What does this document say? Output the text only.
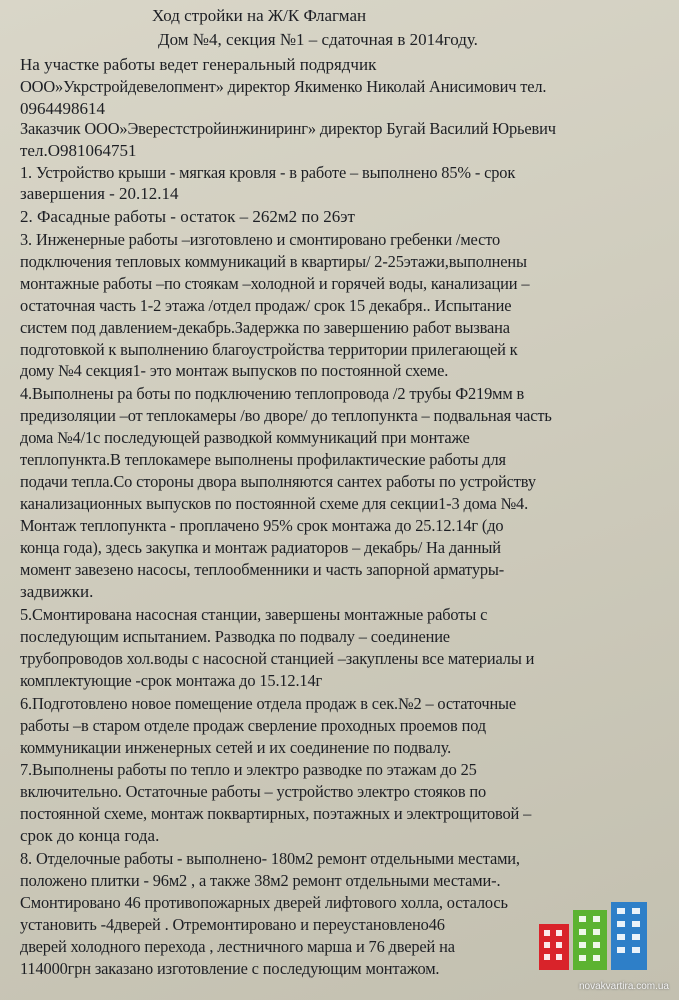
Ход стройки на Ж/К Флагман
Дом №4, секция №1 – сдаточная в 2014году.
На участке работы ведет генеральный подрядчик
ООО»Укрстройдевелопмент» директор Якименко Николай Анисимович тел.
0964498614
Заказчик ООО»Эверестстройинжиниринг» директор Бугай Василий Юрьевич
тел.О981064751
1. Устройство крыши - мягкая кровля - в работе – выполнено 85% - срок
завершения - 20.12.14
2. Фасадные работы - остаток – 262м2 по 26эт
3. Инженерные работы –изготовлено и смонтировано гребенки /место
подключения тепловых коммуникаций в квартиры/ 2-25этажи,выполнены
монтажные работы –по стоякам –холодной и горячей воды, канализации –
остаточная часть 1-2 этажа /отдел продаж/ срок 15 декабря.. Испытание
систем под давлением-декабрь.Задержка по завершению работ вызвана
подготовкой к выполнению благоустройства территории прилегающей к
дому №4 секция1- это монтаж выпусков по постоянной схеме.
4.Выполнены ра боты по подключению теплопровода /2 трубы Ф219мм в
предизоляции –от теплокамеры /во дворе/ до теплопункта – подвальная часть
дома №4/1с последующей разводкой коммуникаций при монтаже
теплопункта.В теплокамере выполнены профилактические работы для
подачи тепла.Со стороны двора выполняются сантех работы по устройству
канализационных выпусков по постоянной схеме для секции1-3 дома №4.
Монтаж теплопункта - проплачено 95% срок монтажа до 25.12.14г (до
конца года), здесь закупка и монтаж радиаторов – декабрь/ На данный
момент завезено насосы, теплообменники и часть запорной арматуры-
задвижки.
5.Смонтирована насосная станции, завершены монтажные работы с
последующим испытанием. Разводка по подвалу – соединение
трубопроводов хол.воды с насосной станцией –закуплены все материалы и
комплектующие -срок монтажа до 15.12.14г
6.Подготовлено новое помещение отдела продаж в сек.№2 – остаточные
работы –в старом отделе продаж сверление проходных проемов под
коммуникации инженерных сетей и их соединение по подвалу.
7.Выполнены работы по тепло и электро разводке по этажам до 25
включительно. Остаточные работы – устройство электро стояков по
постоянной схеме, монтаж поквартирных, поэтажных и электрощитовой –
срок до конца года.
8. Отделочные работы - выполнено- 180м2 ремонт отдельными местами,
положено плитки - 96м2 , а также 38м2 ремонт отдельными местами-.
Смонтировано 46 противопожарных дверей лифтового холла, осталось
установить -4дверей . Отремонтировано и переустановлено46
дверей холодного перехода , лестничного марша и 76 дверей на
114000грн заказано изготовление с последующим монтажом.
novakvartira.com.ua
